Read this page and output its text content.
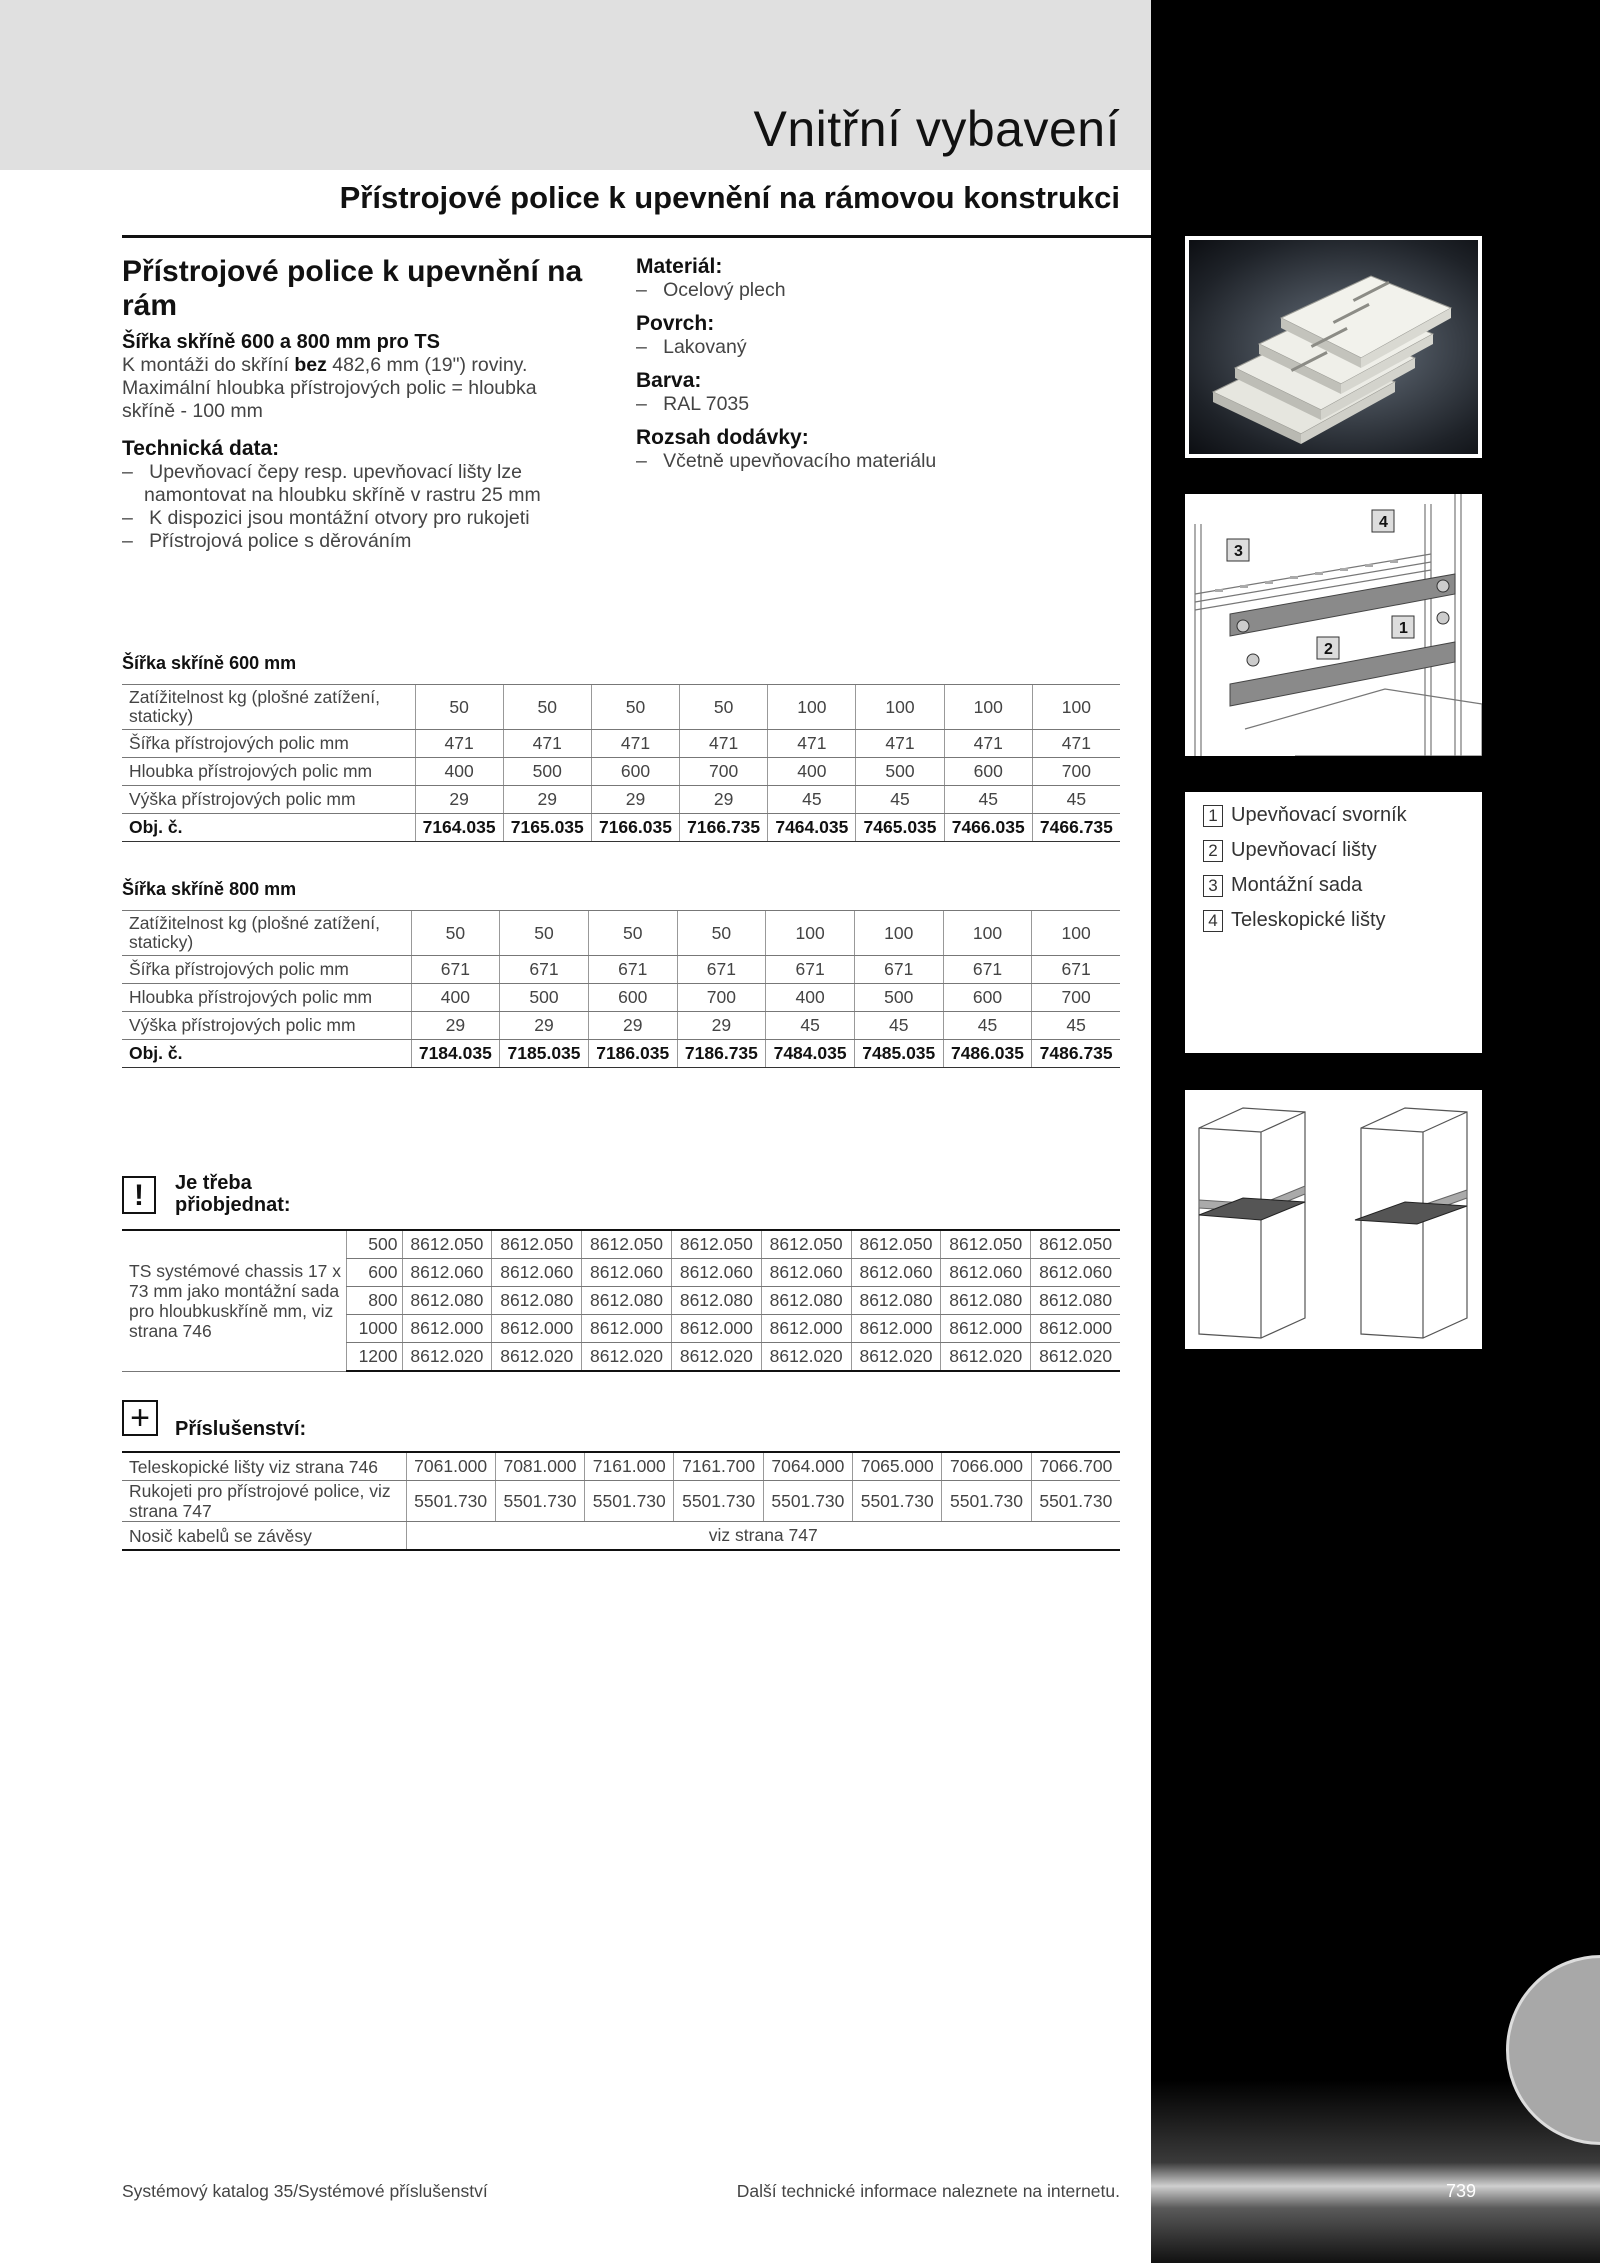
Vnitřní vybavení
Přístrojové police k upevnění na rámovou konstrukci
Přístrojové police k upevnění na rám
Šířka skříně 600 a 800 mm pro TS
K montáži do skříní bez 482,6 mm (19") roviny.
Maximální hloubka přístrojových polic = hloubka skříně - 100 mm
Technická data:
–   Upevňovací čepy resp. upevňovací lišty lze namontovat na hloubku skříně v rastru 25 mm
–   K dispozici jsou montážní otvory pro rukojeti
–   Přístrojová police s děrováním
Materiál:
–   Ocelový plech
Povrch:
–   Lakovaný
Barva:
–   RAL 7035
Rozsah dodávky:
–   Včetně upevňovacího materiálu
Šířka skříně 600 mm
Zatížitelnost kg (plošné zatížení, staticky)	50	50	50	50	100	100	100	100
Šířka přístrojových polic mm	471	471	471	471	471	471	471	471
Hloubka přístrojových polic mm	400	500	600	700	400	500	600	700
Výška přístrojových polic mm	29	29	29	29	45	45	45	45
Obj. č.	7164.035	7165.035	7166.035	7166.735	7464.035	7465.035	7466.035	7466.735
Šířka skříně 800 mm
Zatížitelnost kg (plošné zatížení, staticky)	50	50	50	50	100	100	100	100
Šířka přístrojových polic mm	671	671	671	671	671	671	671	671
Hloubka přístrojových polic mm	400	500	600	700	400	500	600	700
Výška přístrojových polic mm	29	29	29	29	45	45	45	45
Obj. č.	7184.035	7185.035	7186.035	7186.735	7484.035	7485.035	7486.035	7486.735
!	Je třeba přiobjednat:
TS systémové chassis 17 x 73 mm jako montážní sada pro hloubkuskříně mm, viz strana 746	500	8612.050	8612.050	8612.050	8612.050	8612.050	8612.050	8612.050	8612.050
	600	8612.060	8612.060	8612.060	8612.060	8612.060	8612.060	8612.060	8612.060
	800	8612.080	8612.080	8612.080	8612.080	8612.080	8612.080	8612.080	8612.080
	1000	8612.000	8612.000	8612.000	8612.000	8612.000	8612.000	8612.000	8612.000
	1200	8612.020	8612.020	8612.020	8612.020	8612.020	8612.020	8612.020	8612.020
+	Příslušenství:
Teleskopické lišty viz strana 746	7061.000	7081.000	7161.000	7161.700	7064.000	7065.000	7066.000	7066.700
Rukojeti pro přístrojové police, viz strana 747	5501.730	5501.730	5501.730	5501.730	5501.730	5501.730	5501.730	5501.730
Nosič kabelů se závěsy	viz strana 747							
1
2
3
4
1 Upevňovací svorník
2 Upevňovací lišty
3 Montážní sada
4 Teleskopické lišty
Systémový katalog 35/Systémové příslušenství	Další technické informace naleznete na internetu.	739
